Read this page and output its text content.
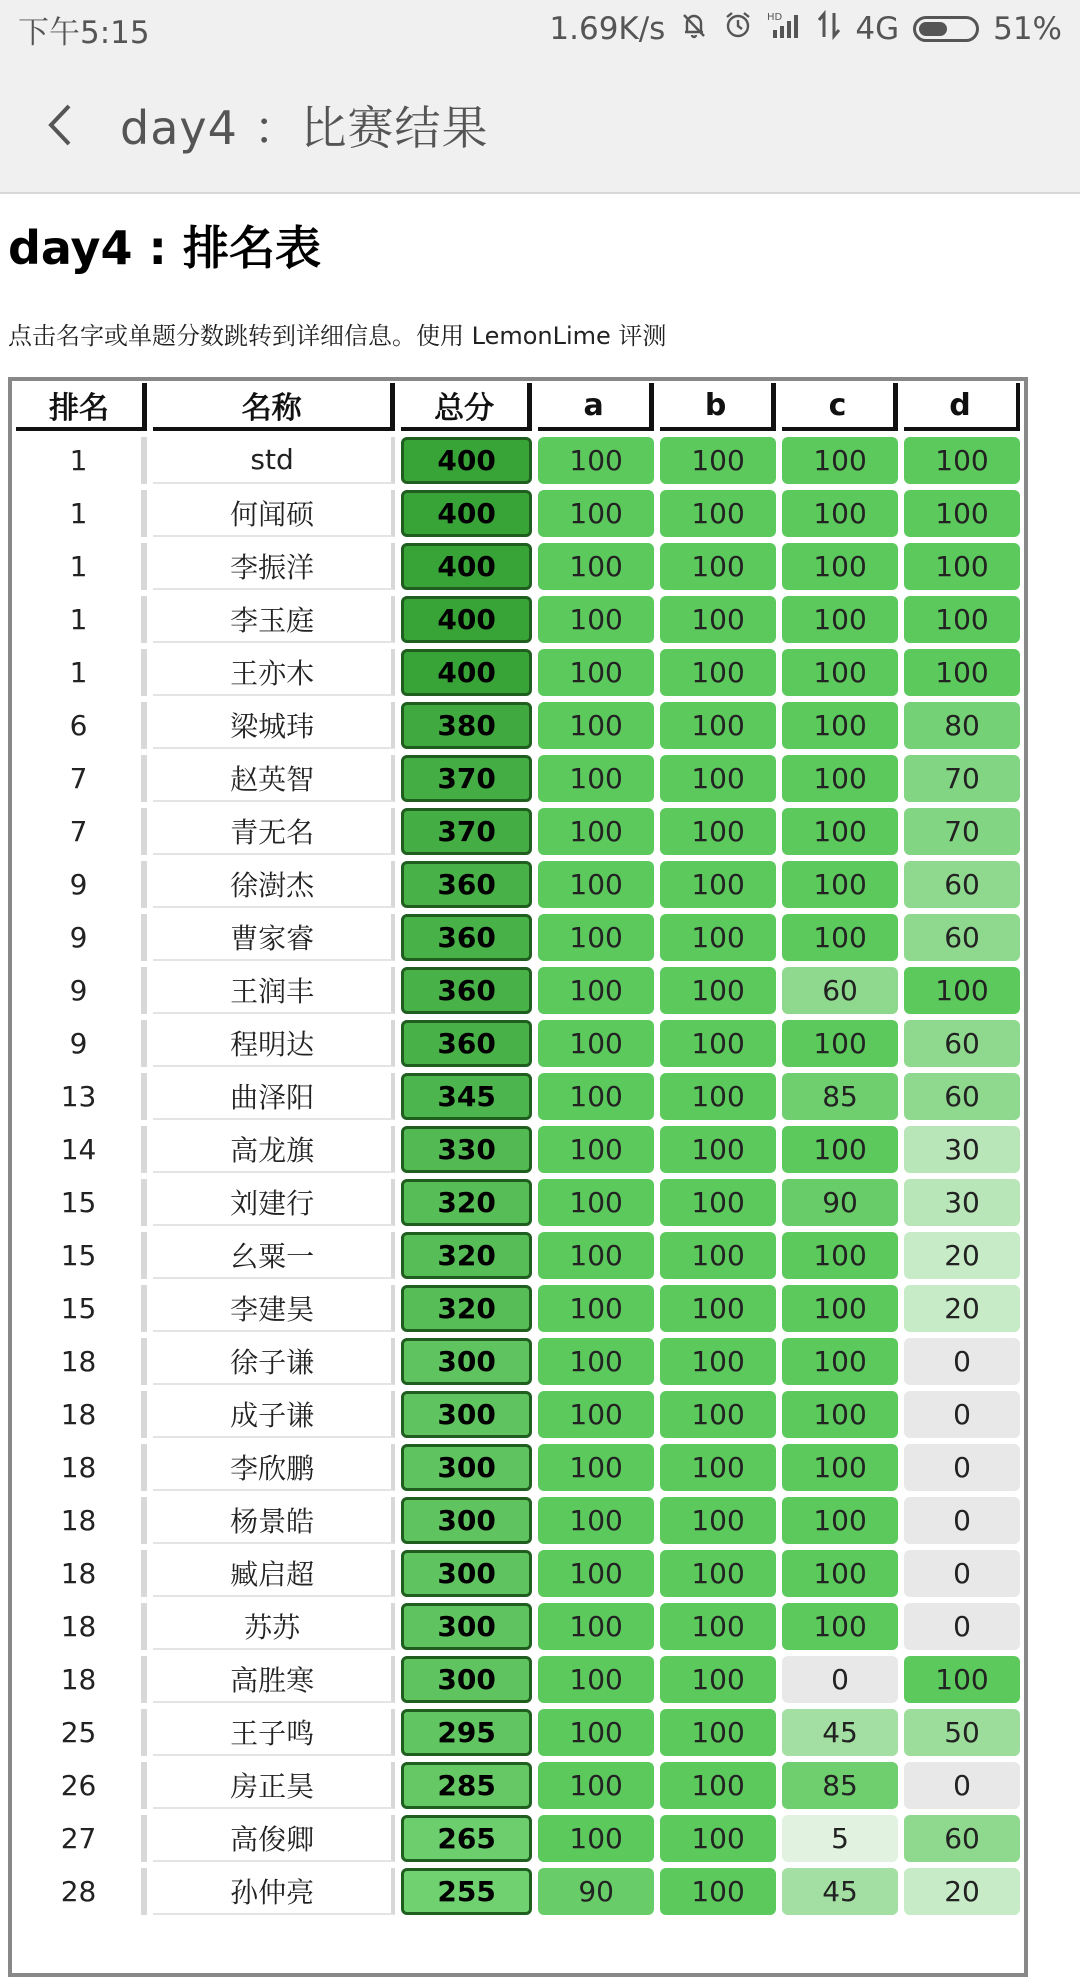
下午5:15	1.69K/s	HD 4G	51%
day4 ：比赛结果
day4 : 排名表

点击名字或单题分数跳转到详细信息。使用 LemonLime 评测

排名	名称	总分	a	b	c	d
1	std	400	100	100	100	100
1	何闻硕	400	100	100	100	100
1	李振洋	400	100	100	100	100
1	李玉庭	400	100	100	100	100
1	王亦木	400	100	100	100	100
6	梁城玮	380	100	100	100	80
7	赵英智	370	100	100	100	70
7	青无名	370	100	100	100	70
9	徐澍杰	360	100	100	100	60
9	曹家睿	360	100	100	100	60
9	王润丰	360	100	100	60	100
9	程明达	360	100	100	100	60
13	曲泽阳	345	100	100	85	60
14	高龙旗	330	100	100	100	30
15	刘建行	320	100	100	90	30
15	幺粟一	320	100	100	100	20
15	李建昊	320	100	100	100	20
18	徐子谦	300	100	100	100	0
18	成子谦	300	100	100	100	0
18	李欣鹏	300	100	100	100	0
18	杨景皓	300	100	100	100	0
18	臧启超	300	100	100	100	0
18	苏苏	300	100	100	100	0
18	高胜寒	300	100	100	0	100
25	王子鸣	295	100	100	45	50
26	房正昊	285	100	100	85	0
27	高俊卿	265	100	100	5	60
28	孙仲亮	255	90	100	45	20
